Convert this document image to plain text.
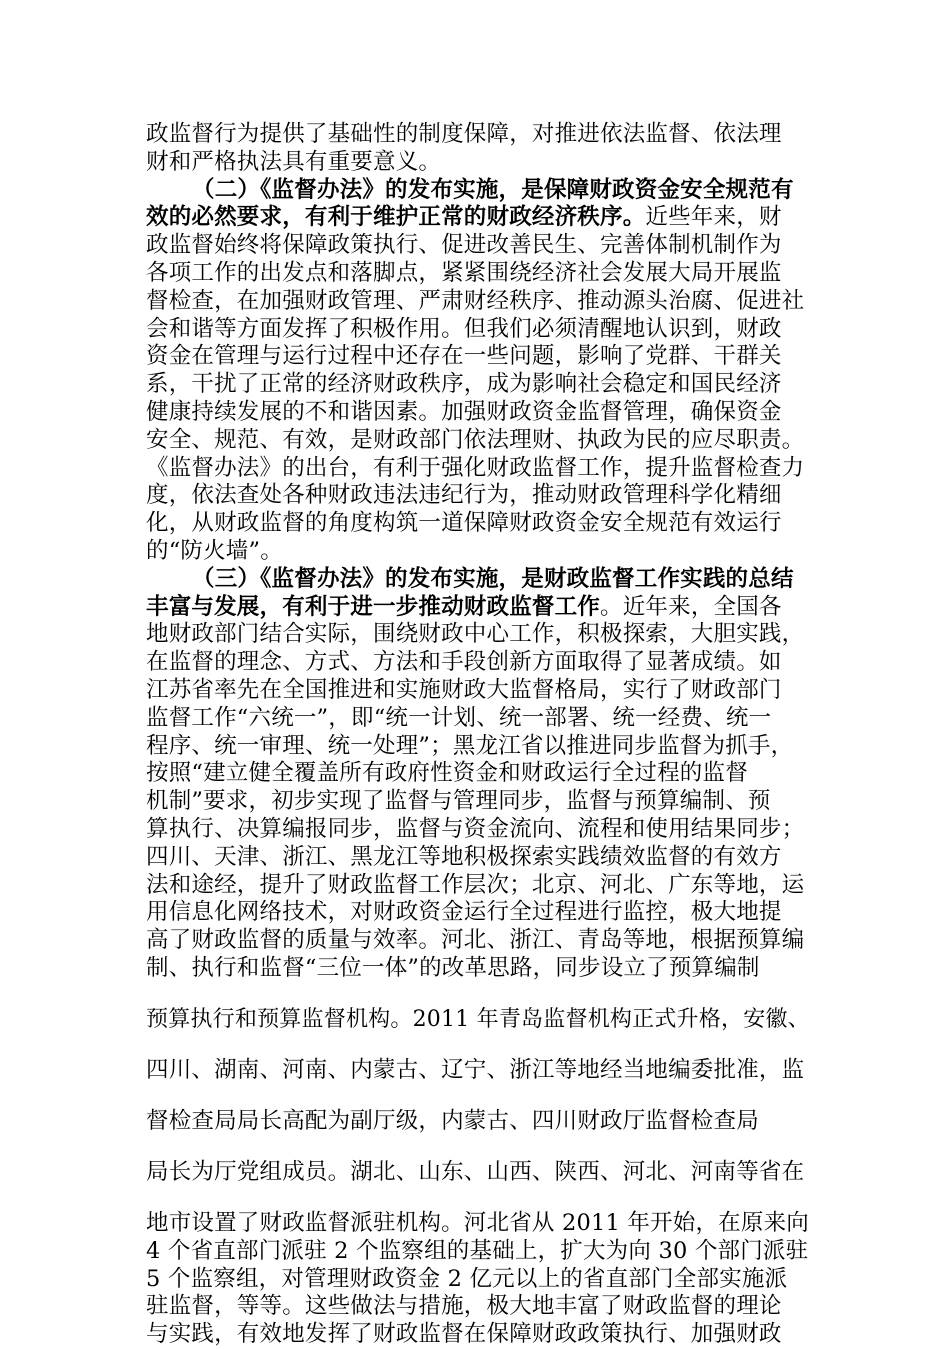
政监督行为提供了基础性的制度保障，对推进依法监督、依法理
财和严格执法具有重要意义。
（二）《监督办法》的发布实施，是保障财政资金安全规范有
效的必然要求，有利于维护正常的财政经济秩序。近些年来，财
政监督始终将保障政策执行、促进改善民生、完善体制机制作为
各项工作的出发点和落脚点，紧紧围绕经济社会发展大局开展监
督检查，在加强财政管理、严肃财经秩序、推动源头治腐、促进社
会和谐等方面发挥了积极作用。但我们必须清醒地认识到，财政
资金在管理与运行过程中还存在一些问题，影响了党群、干群关
系，干扰了正常的经济财政秩序，成为影响社会稳定和国民经济
健康持续发展的不和谐因素。加强财政资金监督管理，确保资金
安全、规范、有效，是财政部门依法理财、执政为民的应尽职责。
《监督办法》的出台，有利于强化财政监督工作，提升监督检查力
度，依法查处各种财政违法违纪行为，推动财政管理科学化精细
化，从财政监督的角度构筑一道保障财政资金安全规范有效运行
的“防火墙”。
（三）《监督办法》的发布实施，是财政监督工作实践的总结
丰富与发展，有利于进一步推动财政监督工作。近年来，全国各
地财政部门结合实际，围绕财政中心工作，积极探索，大胆实践，
在监督的理念、方式、方法和手段创新方面取得了显著成绩。如
江苏省率先在全国推进和实施财政大监督格局，实行了财政部门
监督工作“六统一”，即“统一计划、统一部署、统一经费、统一
程序、统一审理、统一处理”；黑龙江省以推进同步监督为抓手，
按照“建立健全覆盖所有政府性资金和财政运行全过程的监督
机制”要求，初步实现了监督与管理同步，监督与预算编制、预
算执行、决算编报同步，监督与资金流向、流程和使用结果同步；
四川、天津、浙江、黑龙江等地积极探索实践绩效监督的有效方
法和途经，提升了财政监督工作层次；北京、河北、广东等地，运
用信息化网络技术，对财政资金运行全过程进行监控，极大地提
高了财政监督的质量与效率。河北、浙江、青岛等地，根据预算编
制、执行和监督“三位一体”的改革思路，同步设立了预算编制
预算执行和预算监督机构。2011 年青岛监督机构正式升格，安徽、
四川、湖南、河南、内蒙古、辽宁、浙江等地经当地编委批准，监
督检查局局长高配为副厅级，内蒙古、四川财政厅监督检查局
局长为厅党组成员。湖北、山东、山西、陕西、河北、河南等省在
地市设置了财政监督派驻机构。河北省从 2011 年开始，在原来向
4 个省直部门派驻 2 个监察组的基础上，扩大为向 30 个部门派驻
5 个监察组，对管理财政资金 2 亿元以上的省直部门全部实施派
驻监督，等等。这些做法与措施，极大地丰富了财政监督的理论
与实践，有效地发挥了财政监督在保障财政政策执行、加强财政
